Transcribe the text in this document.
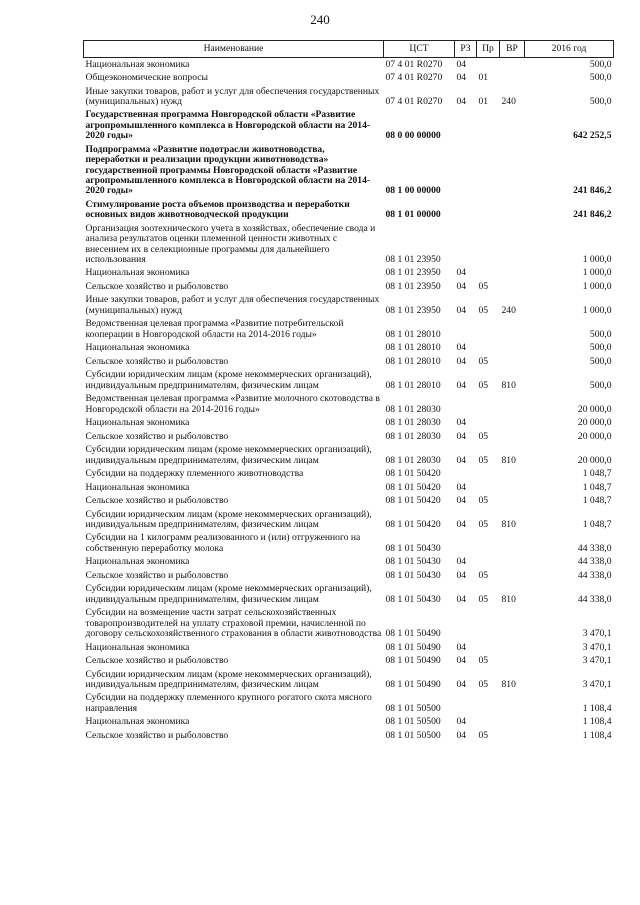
240
Наименование	ЦСТ	РЗ	Пр	ВР	2016 год
Национальная экономика	07 4 01 R0270	04			500,0
Общеэкономические вопросы	07 4 01 R0270	04	01		500,0
Иные закупки товаров, работ и услуг для обеспечения государственных (муниципальных) нужд	07 4 01 R0270	04	01	240	500,0
Государственная программа Новгородской области «Развитие агропромышленного комплекса в Новгородской области на 2014-2020 годы»	08 0 00 00000				642 252,5
Подпрограмма «Развитие подотрасли животноводства, переработки и реализации продукции животноводства» государственной программы Новгородской области «Развитие агропромышленного комплекса в Новгородской области на 2014-2020 годы»	08 1 00 00000				241 846,2
Стимулирование роста объемов производства и переработки основных видов животноводческой продукции	08 1 01 00000				241 846,2
Организация зоотехнического учета в хозяйствах, обеспечение свода и анализа результатов оценки племенной ценности животных с внесением их в селекционные программы для дальнейшего использования	08 1 01 23950				1 000,0
Национальная экономика	08 1 01 23950	04			1 000,0
Сельское хозяйство и рыболовство	08 1 01 23950	04	05		1 000,0
Иные закупки товаров, работ и услуг для обеспечения государственных (муниципальных) нужд	08 1 01 23950	04	05	240	1 000,0
Ведомственная целевая программа «Развитие потребительской кооперации в Новгородской области на 2014-2016 годы»	08 1 01 28010				500,0
Национальная экономика	08 1 01 28010	04			500,0
Сельское хозяйство и рыболовство	08 1 01 28010	04	05		500,0
Субсидии юридическим лицам (кроме некоммерческих организаций), индивидуальным предпринимателям, физическим лицам	08 1 01 28010	04	05	810	500,0
Ведомственная целевая программа «Развитие молочного скотоводства в Новгородской области на 2014-2016 годы»	08 1 01 28030				20 000,0
Национальная экономика	08 1 01 28030	04			20 000,0
Сельское хозяйство и рыболовство	08 1 01 28030	04	05		20 000,0
Субсидии юридическим лицам (кроме некоммерческих организаций), индивидуальным предпринимателям, физическим лицам	08 1 01 28030	04	05	810	20 000,0
Субсидии на поддержку племенного животноводства	08 1 01 50420				1 048,7
Национальная экономика	08 1 01 50420	04			1 048,7
Сельское хозяйство и рыболовство	08 1 01 50420	04	05		1 048,7
Субсидии юридическим лицам (кроме некоммерческих организаций), индивидуальным предпринимателям, физическим лицам	08 1 01 50420	04	05	810	1 048,7
Субсидии на 1 килограмм реализованного и (или) отгруженного на собственную переработку молока	08 1 01 50430				44 338,0
Национальная экономика	08 1 01 50430	04			44 338,0
Сельское хозяйство и рыболовство	08 1 01 50430	04	05		44 338,0
Субсидии юридическим лицам (кроме некоммерческих организаций), индивидуальным предпринимателям, физическим лицам	08 1 01 50430	04	05	810	44 338,0
Субсидии на возмещение части затрат сельскохозяйственных товаропроизводителей на уплату страховой премии, начисленной по договору сельскохозяйственного страхования в области животноводства	08 1 01 50490				3 470,1
Национальная экономика	08 1 01 50490	04			3 470,1
Сельское хозяйство и рыболовство	08 1 01 50490	04	05		3 470,1
Субсидии юридическим лицам (кроме некоммерческих организаций), индивидуальным предпринимателям, физическим лицам	08 1 01 50490	04	05	810	3 470,1
Субсидии на поддержку племенного крупного рогатого скота мясного направления	08 1 01 50500				1 108,4
Национальная экономика	08 1 01 50500	04			1 108,4
Сельское хозяйство и рыболовство	08 1 01 50500	04	05		1 108,4
